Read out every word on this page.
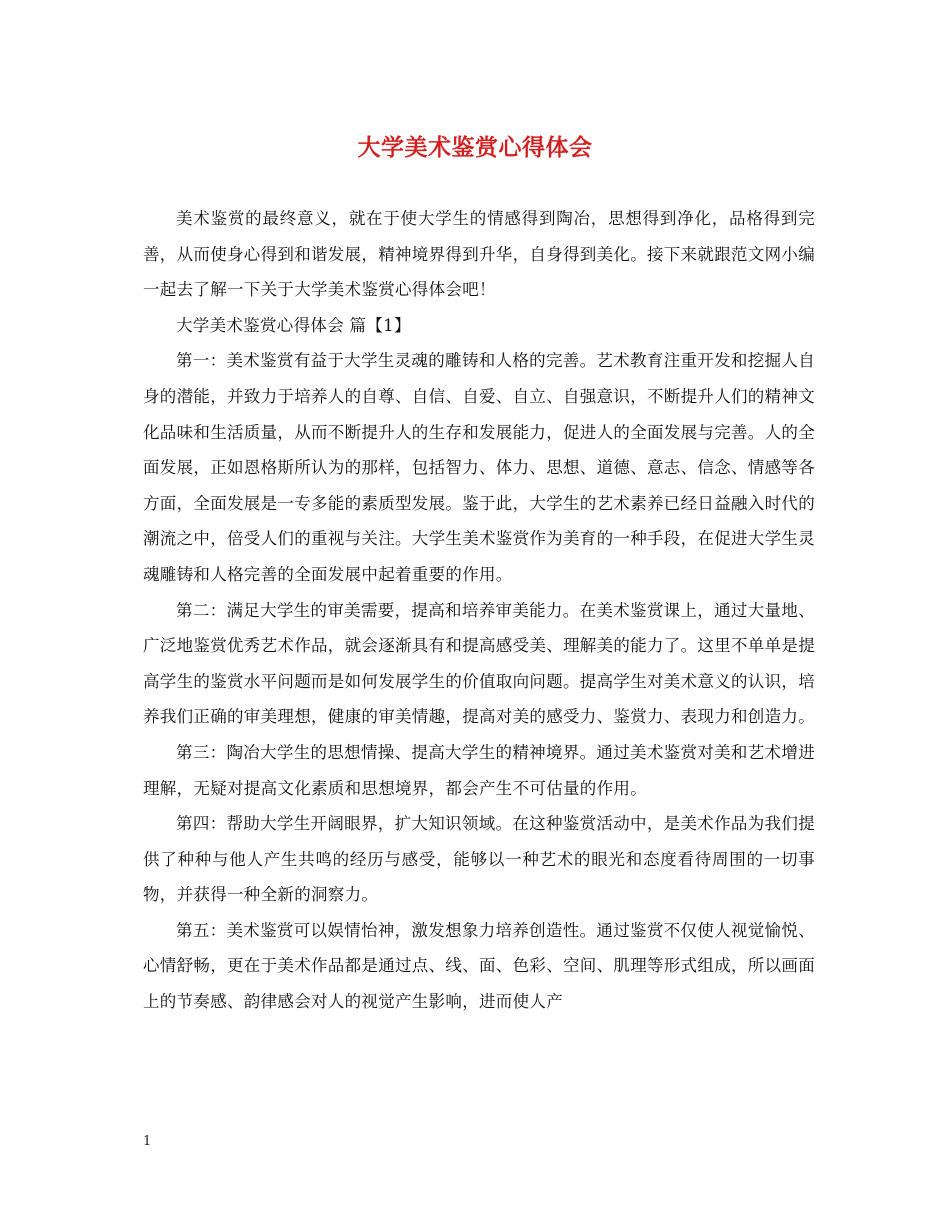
大学美术鉴赏心得体会

美术鉴赏的最终意义，就在于使大学生的情感得到陶冶，思想得到净化，品格得到完善，从而使身心得到和谐发展，精神境界得到升华，自身得到美化。接下来就跟范文网小编一起去了解一下关于大学美术鉴赏心得体会吧！

大学美术鉴赏心得体会 篇【1】

第一：美术鉴赏有益于大学生灵魂的雕铸和人格的完善。艺术教育注重开发和挖掘人自身的潜能，并致力于培养人的自尊、自信、自爱、自立、自强意识，不断提升人们的精神文化品味和生活质量，从而不断提升人的生存和发展能力，促进人的全面发展与完善。人的全面发展，正如恩格斯所认为的那样，包括智力、体力、思想、道德、意志、信念、情感等各方面，全面发展是一专多能的素质型发展。鉴于此，大学生的艺术素养已经日益融入时代的潮流之中，倍受人们的重视与关注。大学生美术鉴赏作为美育的一种手段，在促进大学生灵魂雕铸和人格完善的全面发展中起着重要的作用。

第二：满足大学生的审美需要，提高和培养审美能力。在美术鉴赏课上，通过大量地、广泛地鉴赏优秀艺术作品，就会逐渐具有和提高感受美、理解美的能力了。这里不单单是提高学生的鉴赏水平问题而是如何发展学生的价值取向问题。提高学生对美术意义的认识，培养我们正确的审美理想，健康的审美情趣，提高对美的感受力、鉴赏力、表现力和创造力。

第三：陶冶大学生的思想情操、提高大学生的精神境界。通过美术鉴赏对美和艺术增进理解，无疑对提高文化素质和思想境界，都会产生不可估量的作用。

第四：帮助大学生开阔眼界，扩大知识领域。在这种鉴赏活动中，是美术作品为我们提供了种种与他人产生共鸣的经历与感受，能够以一种艺术的眼光和态度看待周围的一切事物，并获得一种全新的洞察力。

第五：美术鉴赏可以娱情怡神，激发想象力培养创造性。通过鉴赏不仅使人视觉愉悦、心情舒畅，更在于美术作品都是通过点、线、面、色彩、空间、肌理等形式组成，所以画面上的节奏感、韵律感会对人的视觉产生影响，进而使人产

1
